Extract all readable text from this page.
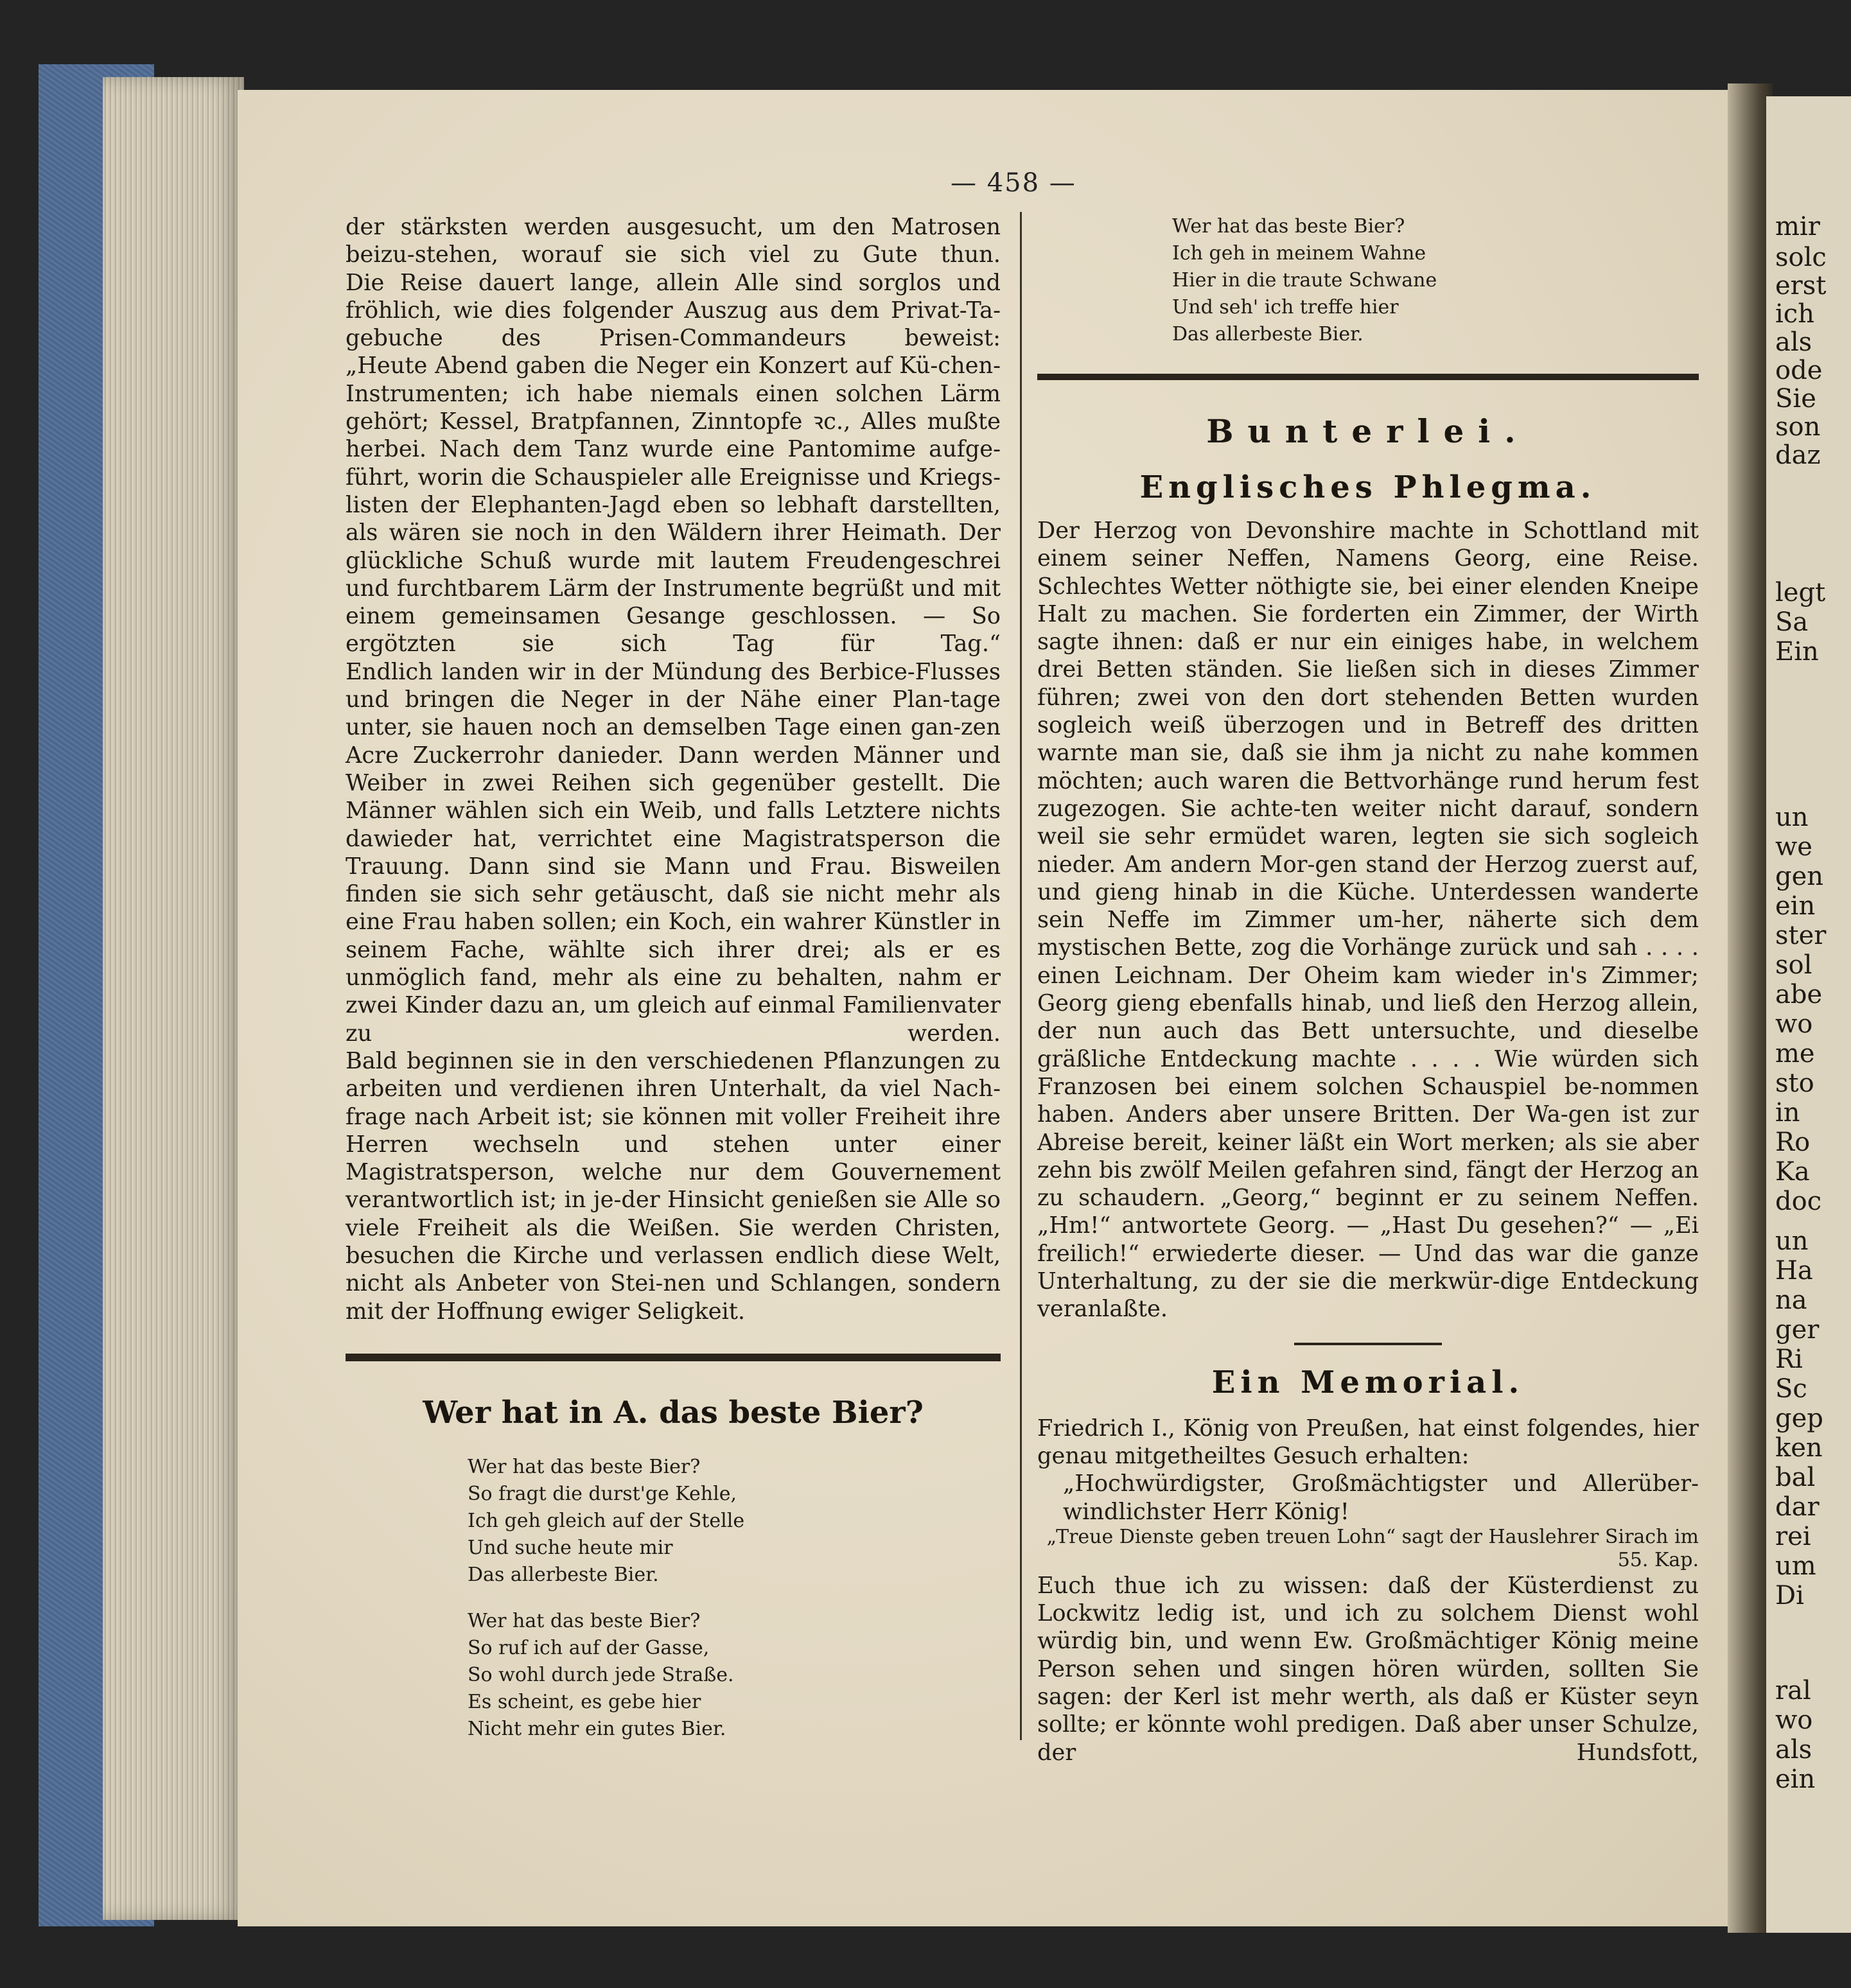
mir
solc
erst
ich
als
ode
Sie
son
daz
legt
Sa
Ein
un
we
gen
ein
ster
sol
abe
wo
me
sto
in
Ro
Ka
doc
un
Ha
na
ger
Ri
Sc
gep
ken
bal
dar
rei
um
Di
ral
wo
als
ein
— 458 —

der stärksten werden ausgesucht, um den Matrosen beizu-stehen, worauf sie sich viel zu Gute thun.

Die Reise dauert lange, allein Alle sind sorglos und fröhlich, wie dies folgender Auszug aus dem Privat-Ta-gebuche des Prisen-Commandeurs beweist:

„Heute Abend gaben die Neger ein Konzert auf Kü-chen-Instrumenten; ich habe niemals einen solchen Lärm gehört; Kessel, Bratpfannen, Zinntopfe ꝛc., Alles mußte herbei. Nach dem Tanz wurde eine Pantomime aufge-führt, worin die Schauspieler alle Ereignisse und Kriegs-listen der Elephanten-Jagd eben so lebhaft darstellten, als wären sie noch in den Wäldern ihrer Heimath. Der glückliche Schuß wurde mit lautem Freudengeschrei und furchtbarem Lärm der Instrumente begrüßt und mit einem gemeinsamen Gesange geschlossen. — So ergötzten sie sich Tag für Tag.“

Endlich landen wir in der Mündung des Berbice-Flusses und bringen die Neger in der Nähe einer Plan-tage unter, sie hauen noch an demselben Tage einen gan-zen Acre Zuckerrohr danieder. Dann werden Männer und Weiber in zwei Reihen sich gegenüber gestellt. Die Männer wählen sich ein Weib, und falls Letztere nichts dawieder hat, verrichtet eine Magistratsperson die Trauung. Dann sind sie Mann und Frau. Bisweilen finden sie sich sehr getäuscht, daß sie nicht mehr als eine Frau haben sollen; ein Koch, ein wahrer Künstler in seinem Fache, wählte sich ihrer drei; als er es unmöglich fand, mehr als eine zu behalten, nahm er zwei Kinder dazu an, um gleich auf einmal Familienvater zu werden.

Bald beginnen sie in den verschiedenen Pflanzungen zu arbeiten und verdienen ihren Unterhalt, da viel Nach-frage nach Arbeit ist; sie können mit voller Freiheit ihre Herren wechseln und stehen unter einer Magistratsperson, welche nur dem Gouvernement verantwortlich ist; in je-der Hinsicht genießen sie Alle so viele Freiheit als die Weißen. Sie werden Christen, besuchen die Kirche und verlassen endlich diese Welt, nicht als Anbeter von Stei-nen und Schlangen, sondern mit der Hoffnung ewiger Seligkeit.

Wer hat in A. das beste Bier?

Wer hat das beste Bier?

So fragt die durst'ge Kehle,

Ich geh gleich auf der Stelle

Und suche heute mir

Das allerbeste Bier.

Wer hat das beste Bier?

So ruf ich auf der Gasse,

So wohl durch jede Straße.

Es scheint, es gebe hier

Nicht mehr ein gutes Bier.

Wer hat das beste Bier?

Ich geh in meinem Wahne

Hier in die traute Schwane

Und seh' ich treffe hier

Das allerbeste Bier.

Bunterlei.
Englisches Phlegma.

Der Herzog von Devonshire machte in Schottland mit einem seiner Neffen, Namens Georg, eine Reise. Schlechtes Wetter nöthigte sie, bei einer elenden Kneipe Halt zu machen. Sie forderten ein Zimmer, der Wirth sagte ihnen: daß er nur ein einiges habe, in welchem drei Betten ständen. Sie ließen sich in dieses Zimmer führen; zwei von den dort stehenden Betten wurden sogleich weiß überzogen und in Betreff des dritten warnte man sie, daß sie ihm ja nicht zu nahe kommen möchten; auch waren die Bettvorhänge rund herum fest zugezogen. Sie achte-ten weiter nicht darauf, sondern weil sie sehr ermüdet waren, legten sie sich sogleich nieder. Am andern Mor-gen stand der Herzog zuerst auf, und gieng hinab in die Küche. Unterdessen wanderte sein Neffe im Zimmer um-her, näherte sich dem mystischen Bette, zog die Vorhänge zurück und sah . . . . einen Leichnam. Der Oheim kam wieder in's Zimmer; Georg gieng ebenfalls hinab, und ließ den Herzog allein, der nun auch das Bett untersuchte, und dieselbe gräßliche Entdeckung machte . . . . Wie würden sich Franzosen bei einem solchen Schauspiel be-nommen haben. Anders aber unsere Britten. Der Wa-gen ist zur Abreise bereit, keiner läßt ein Wort merken; als sie aber zehn bis zwölf Meilen gefahren sind, fängt der Herzog an zu schaudern. „Georg,“ beginnt er zu seinem Neffen. „Hm!“ antwortete Georg. — „Hast Du gesehen?“ — „Ei freilich!“ erwiederte dieser. — Und das war die ganze Unterhaltung, zu der sie die merkwür-dige Entdeckung veranlaßte.

Ein Memorial.

Friedrich I., König von Preußen, hat einst folgendes, hier genau mitgetheiltes Gesuch erhalten:

„Hochwürdigster, Großmächtigster und Allerüber-windlichster Herr König!

„Treue Dienste geben treuen Lohn“ sagt der Hauslehrer Sirach im 55. Kap.

Euch thue ich zu wissen: daß der Küsterdienst zu Lockwitz ledig ist, und ich zu solchem Dienst wohl würdig bin, und wenn Ew. Großmächtiger König meine Person sehen und singen hören würden, sollten Sie sagen: der Kerl ist mehr werth, als daß er Küster seyn sollte; er könnte wohl predigen. Daß aber unser Schulze, der Hundsfott,
